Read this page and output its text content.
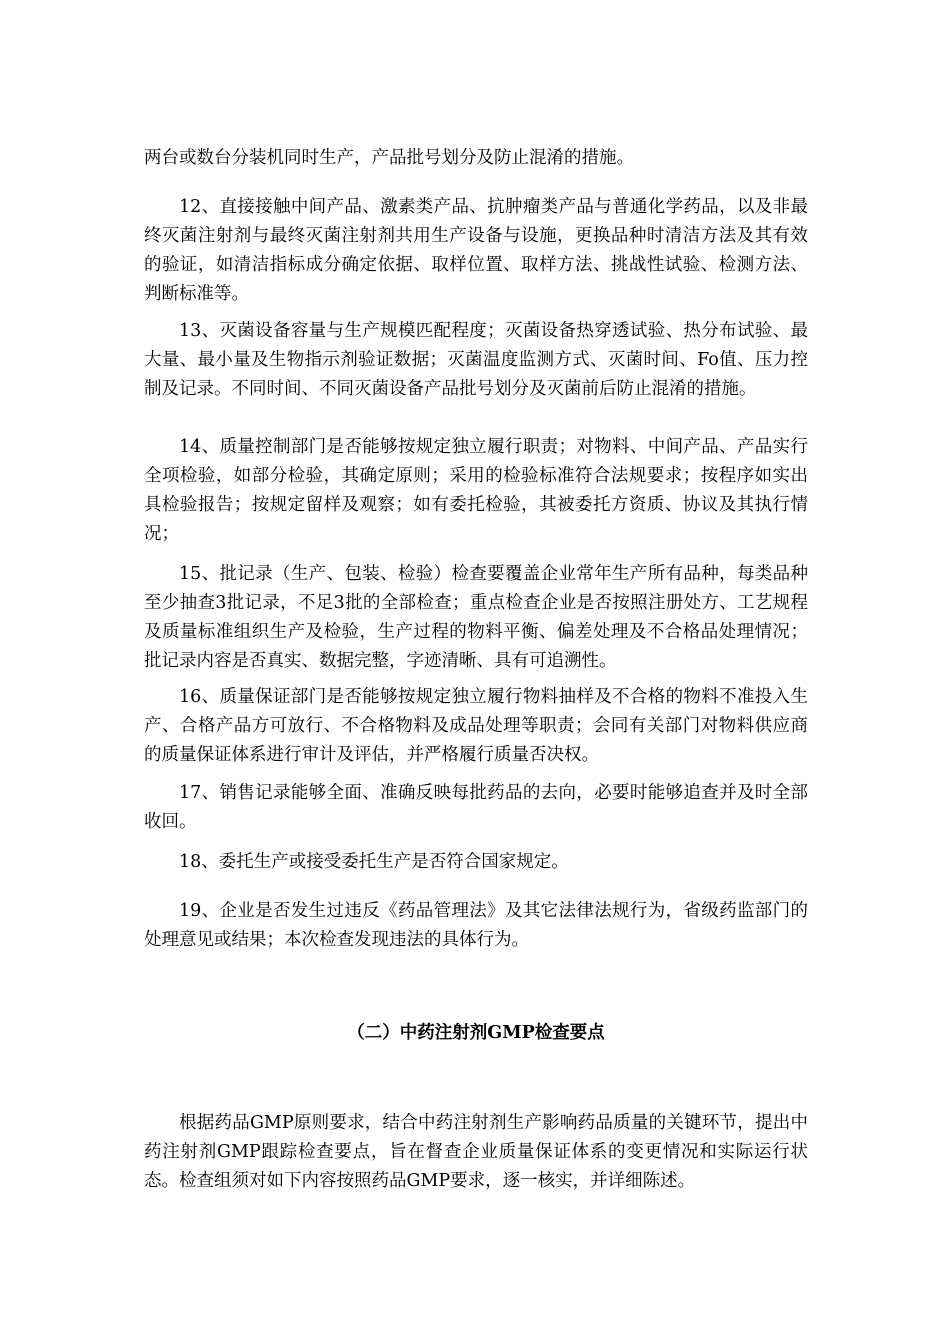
两台或数台分装机同时生产，产品批号划分及防止混淆的措施。

12、直接接触中间产品、激素类产品、抗肿瘤类产品与普通化学药品，以及非最终灭菌注射剂与最终灭菌注射剂共用生产设备与设施，更换品种时清洁方法及其有效的验证，如清洁指标成分确定依据、取样位置、取样方法、挑战性试验、检测方法、判断标准等。

13、灭菌设备容量与生产规模匹配程度；灭菌设备热穿透试验、热分布试验、最大量、最小量及生物指示剂验证数据；灭菌温度监测方式、灭菌时间、Fo值、压力控制及记录。不同时间、不同灭菌设备产品批号划分及灭菌前后防止混淆的措施。

14、质量控制部门是否能够按规定独立履行职责；对物料、中间产品、产品实行全项检验，如部分检验，其确定原则；采用的检验标准符合法规要求；按程序如实出具检验报告；按规定留样及观察；如有委托检验，其被委托方资质、协议及其执行情况；

15、批记录（生产、包装、检验）检查要覆盖企业常年生产所有品种，每类品种至少抽查3批记录，不足3批的全部检查；重点检查企业是否按照注册处方、工艺规程及质量标准组织生产及检验，生产过程的物料平衡、偏差处理及不合格品处理情况；批记录内容是否真实、数据完整，字迹清晰、具有可追溯性。

16、质量保证部门是否能够按规定独立履行物料抽样及不合格的物料不准投入生产、合格产品方可放行、不合格物料及成品处理等职责；会同有关部门对物料供应商的质量保证体系进行审计及评估，并严格履行质量否决权。

17、销售记录能够全面、准确反映每批药品的去向，必要时能够追查并及时全部收回。

18、委托生产或接受委托生产是否符合国家规定。

19、企业是否发生过违反《药品管理法》及其它法律法规行为，省级药监部门的处理意见或结果；本次检查发现违法的具体行为。

（二）中药注射剂GMP检查要点

根据药品GMP原则要求，结合中药注射剂生产影响药品质量的关键环节，提出中药注射剂GMP跟踪检查要点，旨在督查企业质量保证体系的变更情况和实际运行状态。检查组须对如下内容按照药品GMP要求，逐一核实，并详细陈述。
